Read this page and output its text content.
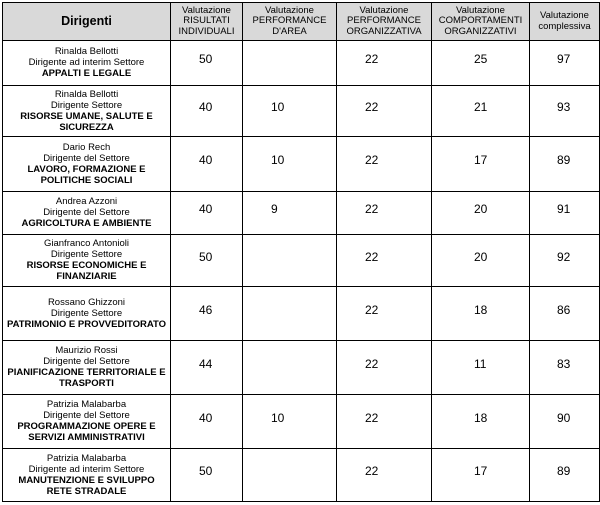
Dirigenti	Valutazione
RISULTATI
INDIVIDUALI	Valutazione
PERFORMANCE
D'AREA	Valutazione
PERFORMANCE
ORGANIZZATIVA	Valutazione
COMPORTAMENTI
ORGANIZZATIVI	Valutazione
complessiva

Rinalda Bellotti
Dirigente ad interim Settore
APPALTI E LEGALE	50		22	25	97

Rinalda Bellotti
Dirigente Settore
RISORSE UMANE, SALUTE E SICUREZZA	40	10	22	21	93

Dario Rech
Dirigente del Settore
LAVORO, FORMAZIONE E POLITICHE SOCIALI	40	10	22	17	89

Andrea Azzoni
Dirigente del Settore
AGRICOLTURA E AMBIENTE	40	9	22	20	91

Gianfranco Antonioli
Dirigente Settore
RISORSE ECONOMICHE E FINANZIARIE	50		22	20	92

Rossano Ghizzoni
Dirigente Settore
PATRIMONIO E PROVVEDITORATO	46		22	18	86

Maurizio Rossi
Dirigente del Settore
PIANIFICAZIONE TERRITORIALE E TRASPORTI	44		22	11	83

Patrizia Malabarba
Dirigente del Settore
PROGRAMMAZIONE OPERE E SERVIZI AMMINISTRATIVI	40	10	22	18	90

Patrizia Malabarba
Dirigente ad interim Settore
MANUTENZIONE E SVILUPPO RETE STRADALE	50		22	17	89
